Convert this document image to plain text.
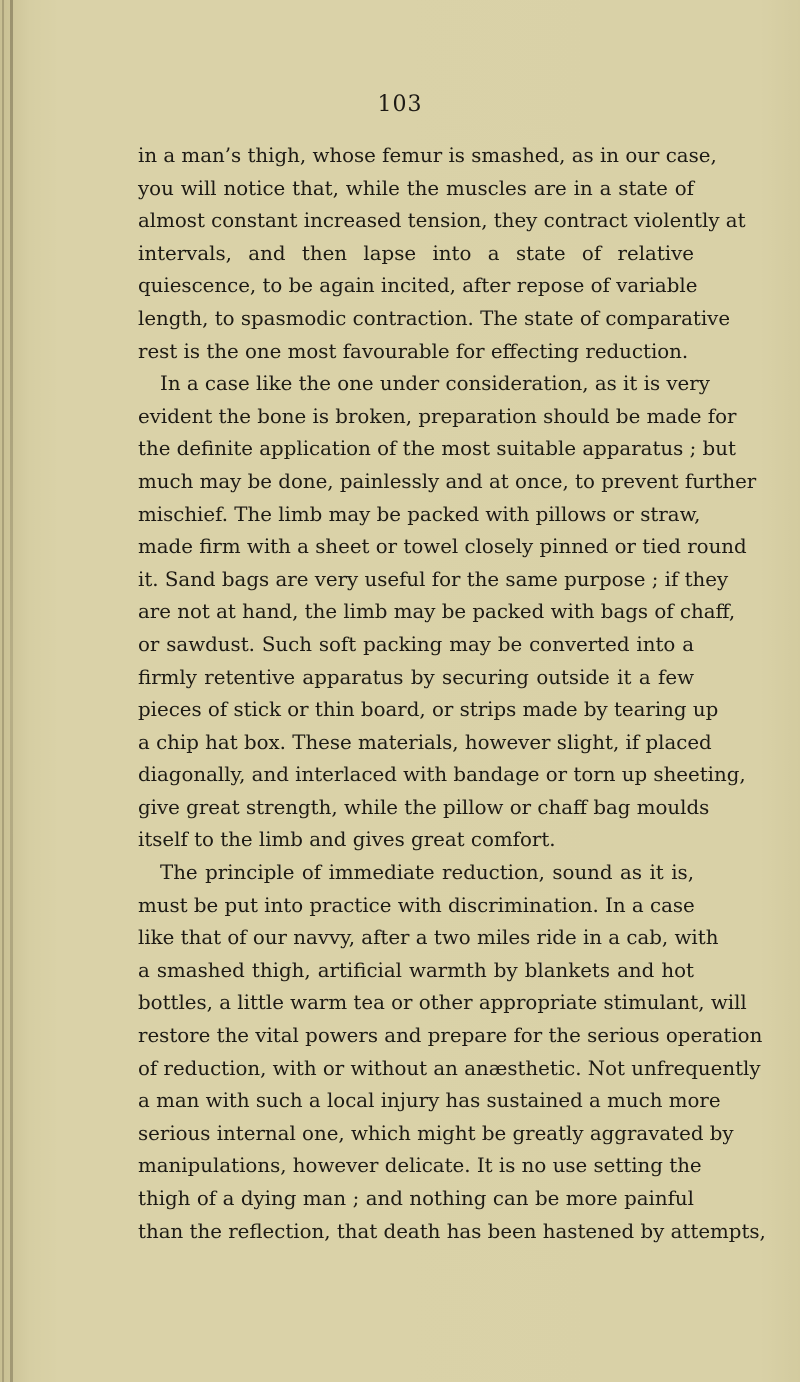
103

in a man’s thigh, whose femur is smashed, as in our case,
you will notice that, while the muscles are in a state of
almost constant increased tension, they contract violently at
intervals, and then lapse into a state of relative
quiescence, to be again incited, after repose of variable
length, to spasmodic contraction. The state of comparative
rest is the one most favourable for effecting reduction.
In a case like the one under consideration, as it is very
evident the bone is broken, preparation should be made for
the definite application of the most suitable apparatus ; but
much may be done, painlessly and at once, to prevent further
mischief. The limb may be packed with pillows or straw,
made firm with a sheet or towel closely pinned or tied round
it. Sand bags are very useful for the same purpose ; if they
are not at hand, the limb may be packed with bags of chaff,
or sawdust. Such soft packing may be converted into a
firmly retentive apparatus by securing outside it a few
pieces of stick or thin board, or strips made by tearing up
a chip hat box. These materials, however slight, if placed
diagonally, and interlaced with bandage or torn up sheeting,
give great strength, while the pillow or chaff bag moulds
itself to the limb and gives great comfort.
The principle of immediate reduction, sound as it is,
must be put into practice with discrimination. In a case
like that of our navvy, after a two miles ride in a cab, with
a smashed thigh, artificial warmth by blankets and hot
bottles, a little warm tea or other appropriate stimulant, will
restore the vital powers and prepare for the serious operation
of reduction, with or without an anæsthetic. Not unfrequently
a man with such a local injury has sustained a much more
serious internal one, which might be greatly aggravated by
manipulations, however delicate. It is no use setting the
thigh of a dying man ; and nothing can be more painful
than the reflection, that death has been hastened by attempts,
